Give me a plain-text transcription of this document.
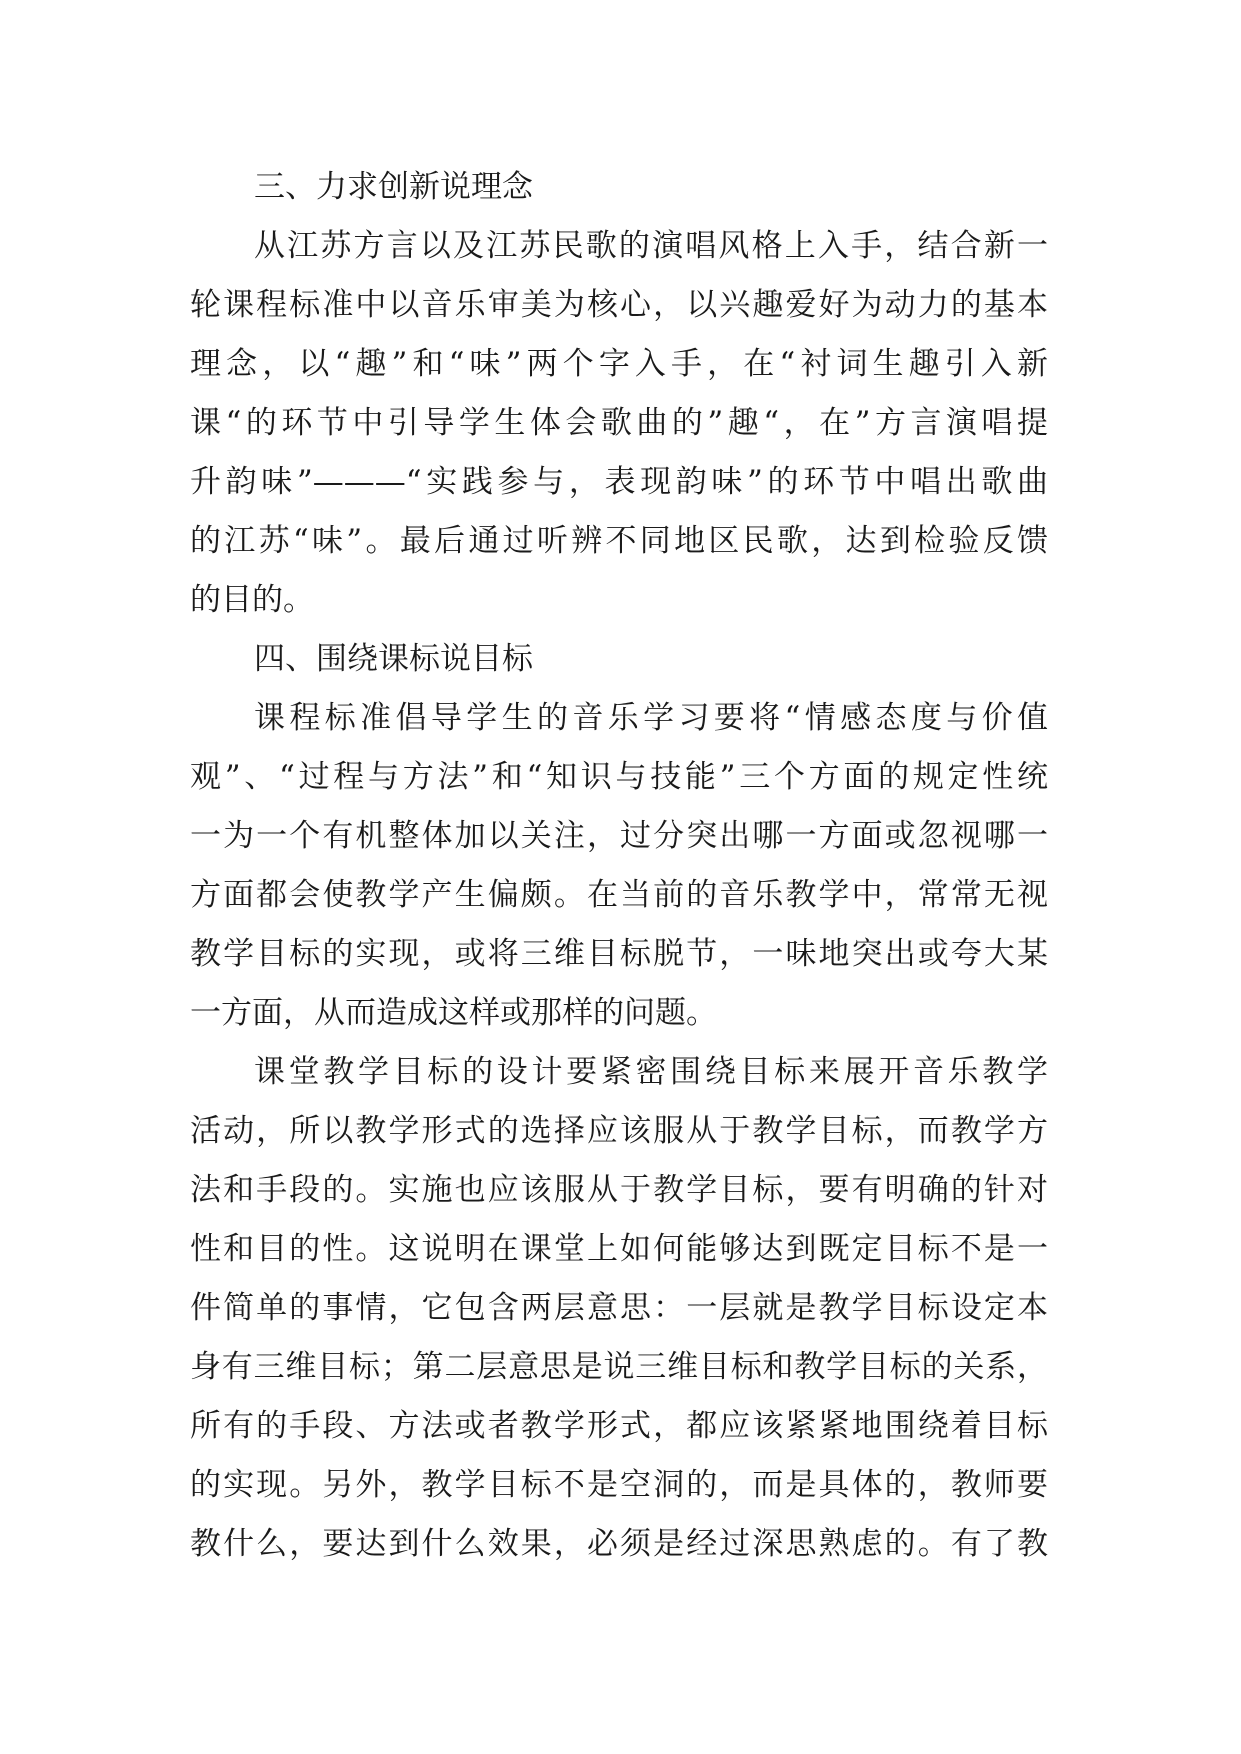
三、力求创新说理念
从江苏方言以及江苏民歌的演唱风格上入手，结合新一
轮课程标准中以音乐审美为核心，以兴趣爱好为动力的基本
理念，以“趣”和“味”两个字入手，在“衬词生趣引入新
课“的环节中引导学生体会歌曲的”趣“，在”方言演唱提
升韵味”———“实践参与，表现韵味”的环节中唱出歌曲
的江苏“味”。最后通过听辨不同地区民歌，达到检验反馈
的目的。
四、围绕课标说目标
课程标准倡导学生的音乐学习要将“情感态度与价值
观”、“过程与方法”和“知识与技能”三个方面的规定性统
一为一个有机整体加以关注，过分突出哪一方面或忽视哪一
方面都会使教学产生偏颇。在当前的音乐教学中，常常无视
教学目标的实现，或将三维目标脱节，一味地突出或夸大某
一方面，从而造成这样或那样的问题。
课堂教学目标的设计要紧密围绕目标来展开音乐教学
活动，所以教学形式的选择应该服从于教学目标，而教学方
法和手段的。实施也应该服从于教学目标，要有明确的针对
性和目的性。这说明在课堂上如何能够达到既定目标不是一
件简单的事情，它包含两层意思：一层就是教学目标设定本
身有三维目标；第二层意思是说三维目标和教学目标的关系，
所有的手段、方法或者教学形式，都应该紧紧地围绕着目标
的实现。另外，教学目标不是空洞的，而是具体的，教师要
教什么，要达到什么效果，必须是经过深思熟虑的。有了教
